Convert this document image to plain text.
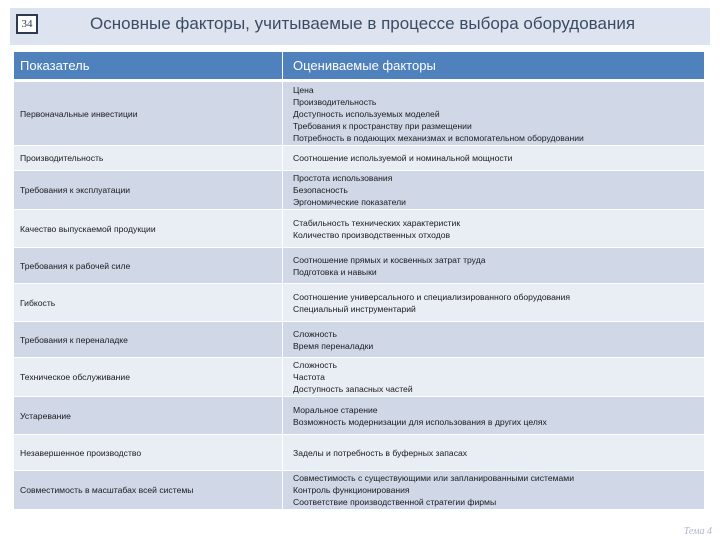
34	Основные факторы, учитываемые в процессе выбора оборудования
Показатель	Оцениваемые факторы
Первоначальные инвестиции	Цена
Производительность
Доступность используемых моделей
Требования к пространству при размещении
Потребность в подающих механизмах и вспомогательном оборудовании

Производительность	Соотношение используемой и номинальной мощности

Требования к эксплуатации	Простота использования
Безопасность
Эргономические показатели

Качество выпускаемой продукции	Стабильность технических характеристик
Количество производственных отходов

Требования к рабочей силе	Соотношение прямых и косвенных затрат труда
Подготовка и навыки

Гибкость	Соотношение универсального и специализированного оборудования
Специальный инструментарий

Требования к переналадке	Сложность
Время переналадки

Техническое обслуживание	Сложность
Частота
Доступность запасных частей

Устаревание	Моральное старение
Возможность модернизации для использования в других целях

Незавершенное производство	Заделы и потребность в буферных запасах

Совместимость в масштабах всей системы	Совместимость с существующими или запланированными системами
Контроль функционирования
Соответствие производственной стратегии фирмы
Тема 4
